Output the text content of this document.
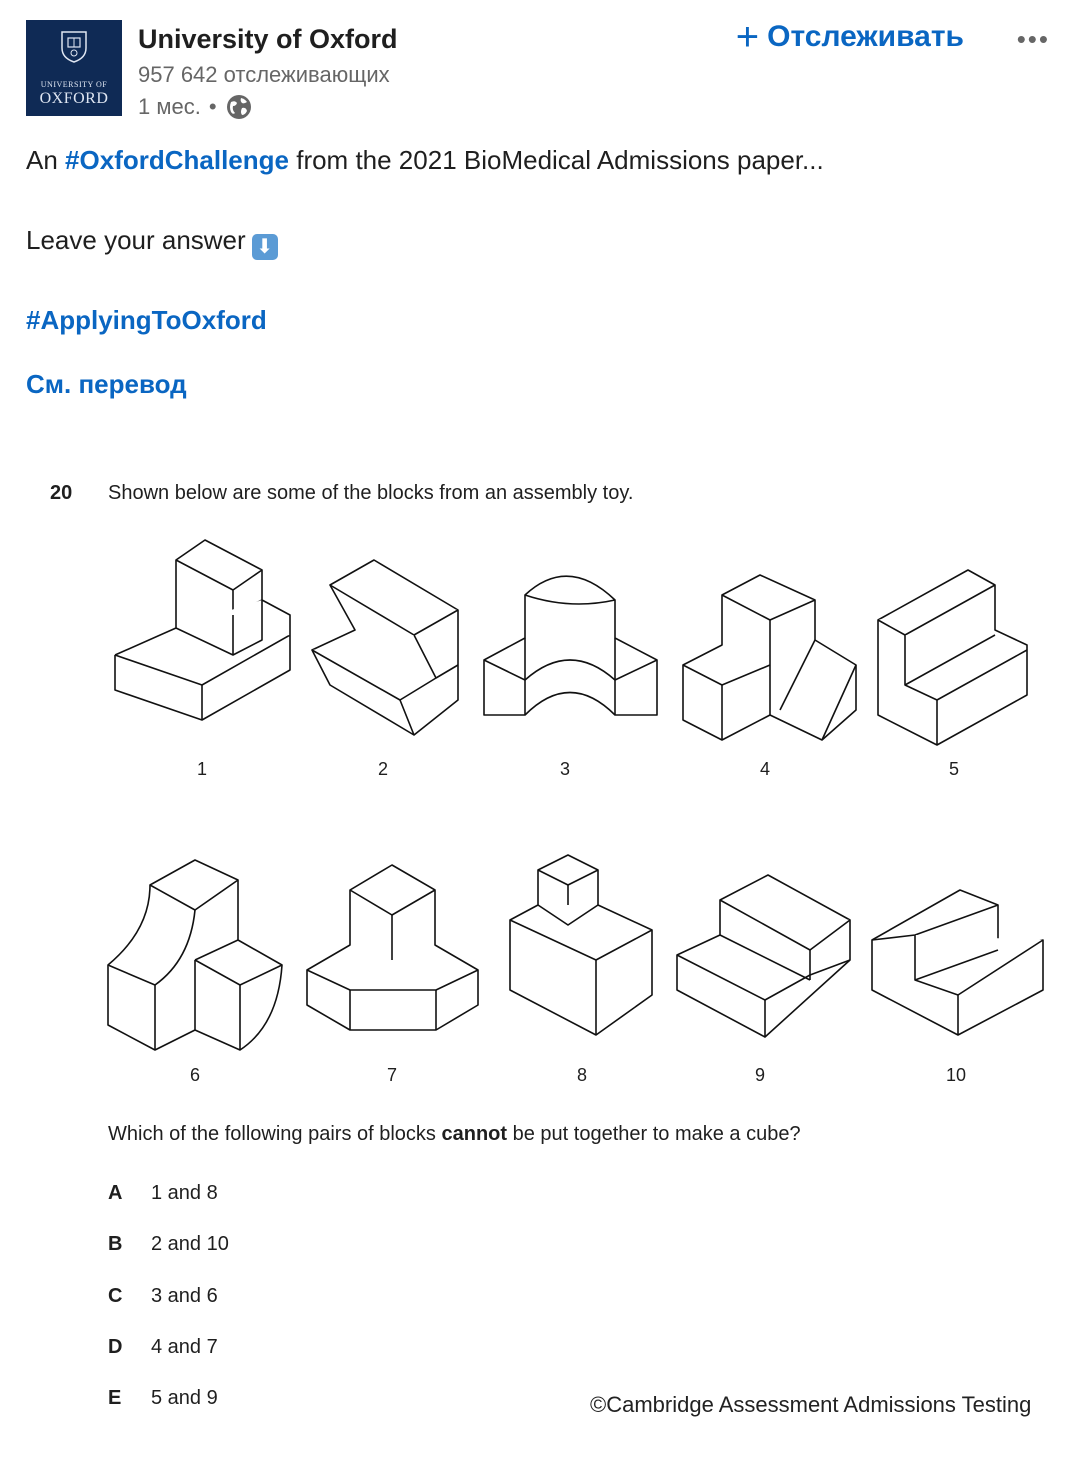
UNIVERSITY OF
OXFORD
University of Oxford
957 642 отслеживающих
1 мес. •
+ Отслеживать •••
An #OxfordChallenge from the 2021 BioMedical Admissions paper...
Leave your answer ⬇
#ApplyingToOxford
См. перевод
20 Shown below are some of the blocks from an assembly toy.
1	2	3	4	5
6	7	8	9	10
Which of the following pairs of blocks cannot be put together to make a cube?
A	1 and 8
B	2 and 10
C	3 and 6
D	4 and 7
E	5 and 9	©Cambridge Assessment Admissions Testing
